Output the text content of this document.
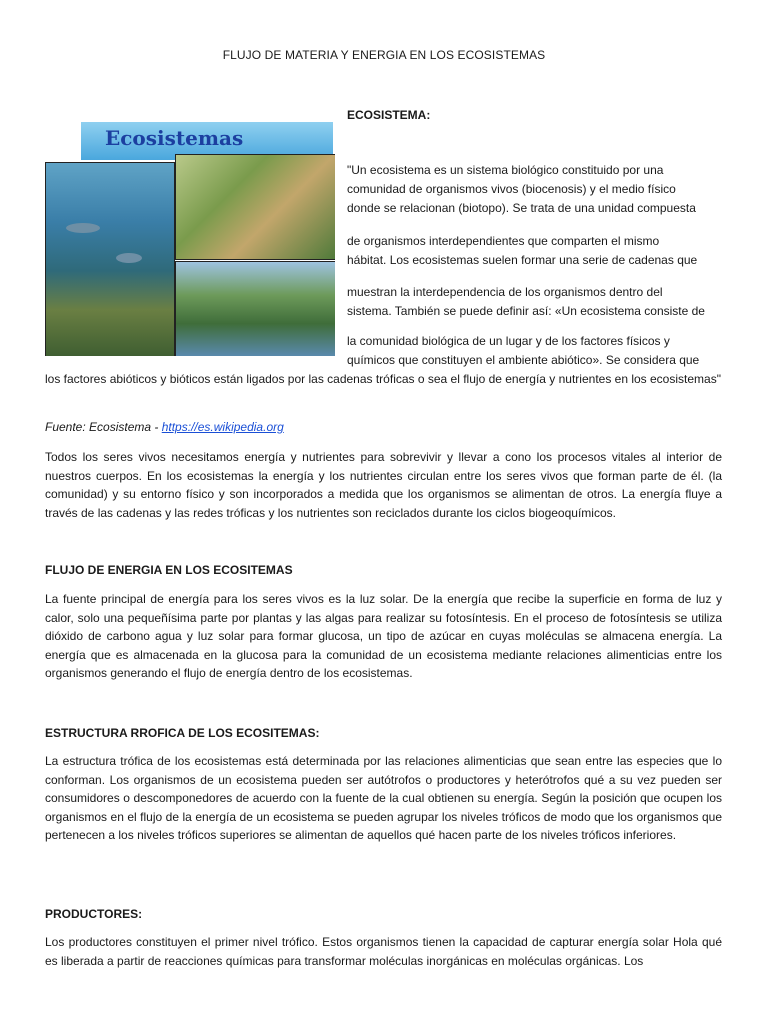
FLUJO DE MATERIA Y ENERGIA EN LOS ECOSISTEMAS
Ecosistemas
ECOSISTEMA:
"Un ecosistema es un sistema biológico constituido por una
comunidad de organismos vivos (biocenosis) y el medio físico
donde se relacionan (biotopo). Se trata de una unidad compuesta
de organismos interdependientes que comparten el mismo
hábitat. Los ecosistemas suelen formar una serie de cadenas que
muestran la interdependencia de los organismos dentro del
sistema. También se puede definir así: «Un ecosistema consiste de
la comunidad biológica de un lugar y de los factores físicos y
químicos que constituyen el ambiente abiótico». Se considera que
los factores abióticos y bióticos están ligados por las cadenas tróficas o sea el flujo de energía y nutrientes en los ecosistemas"
Fuente: Ecosistema - https://es.wikipedia.org
Todos los seres vivos necesitamos energía y nutrientes para sobrevivir y llevar a cono los procesos vitales al interior de nuestros cuerpos. En los ecosistemas la energía y los nutrientes circulan entre los seres vivos que forman parte de él. (la comunidad) y su entorno físico y son incorporados a medida que los organismos se alimentan de otros. La energía fluye a través de las cadenas y las redes tróficas y los nutrientes son reciclados durante los ciclos biogeoquímicos.
FLUJO DE ENERGIA EN LOS ECOSITEMAS
La fuente principal de energía para los seres vivos es la luz solar. De la energía que recibe la superficie en forma de luz y calor, solo una pequeñísima parte por plantas y las algas para realizar su fotosíntesis. En el proceso de fotosíntesis se utiliza dióxido de carbono agua y luz solar para formar glucosa, un tipo de azúcar en cuyas moléculas se almacena energía. La energía que es almacenada en la glucosa para la comunidad de un ecosistema mediante relaciones alimenticias entre los organismos generando el flujo de energía dentro de los ecosistemas.
ESTRUCTURA RROFICA DE LOS ECOSITEMAS:
La estructura trófica de los ecosistemas está determinada por las relaciones alimenticias que sean entre las especies que lo conforman. Los organismos de un ecosistema pueden ser autótrofos o productores y heterótrofos qué a su vez pueden ser consumidores o descomponedores de acuerdo con la fuente de la cual obtienen su energía. Según la posición que ocupen los organismos en el flujo de la energía de un ecosistema se pueden agrupar los niveles tróficos de modo que los organismos que pertenecen a los niveles tróficos superiores se alimentan de aquellos qué hacen parte de los niveles tróficos inferiores.
PRODUCTORES:
Los productores constituyen el primer nivel trófico. Estos organismos tienen la capacidad de capturar energía solar Hola qué es liberada a partir de reacciones químicas para transformar moléculas inorgánicas en moléculas orgánicas. Los
